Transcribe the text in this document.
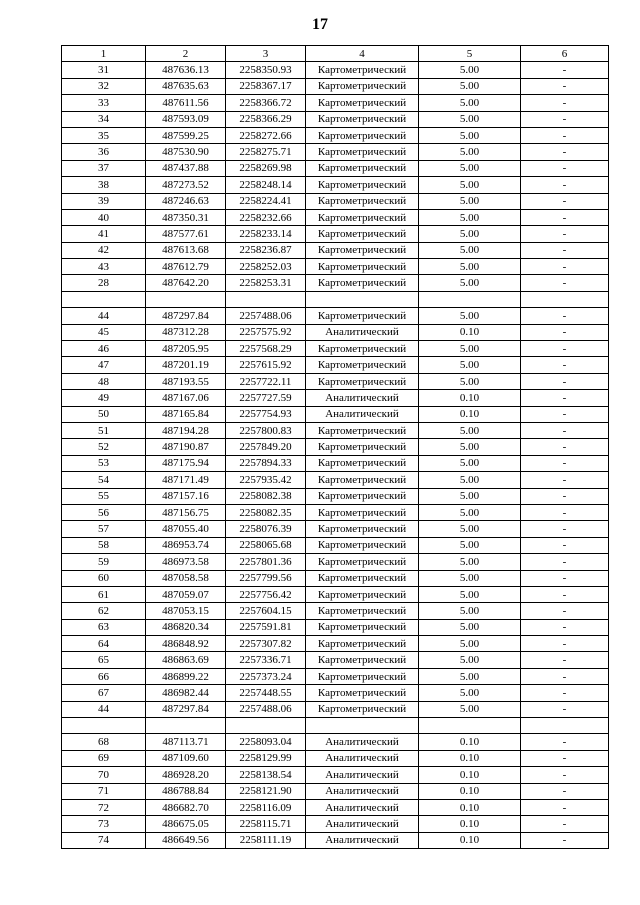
17
1	2	3	4	5	6
31	487636.13	2258350.93	Картометрический	5.00	-
32	487635.63	2258367.17	Картометрический	5.00	-
33	487611.56	2258366.72	Картометрический	5.00	-
34	487593.09	2258366.29	Картометрический	5.00	-
35	487599.25	2258272.66	Картометрический	5.00	-
36	487530.90	2258275.71	Картометрический	5.00	-
37	487437.88	2258269.98	Картометрический	5.00	-
38	487273.52	2258248.14	Картометрический	5.00	-
39	487246.63	2258224.41	Картометрический	5.00	-
40	487350.31	2258232.66	Картометрический	5.00	-
41	487577.61	2258233.14	Картометрический	5.00	-
42	487613.68	2258236.87	Картометрический	5.00	-
43	487612.79	2258252.03	Картометрический	5.00	-
28	487642.20	2258253.31	Картометрический	5.00	-

44	487297.84	2257488.06	Картометрический	5.00	-
45	487312.28	2257575.92	Аналитический	0.10	-
46	487205.95	2257568.29	Картометрический	5.00	-
47	487201.19	2257615.92	Картометрический	5.00	-
48	487193.55	2257722.11	Картометрический	5.00	-
49	487167.06	2257727.59	Аналитический	0.10	-
50	487165.84	2257754.93	Аналитический	0.10	-
51	487194.28	2257800.83	Картометрический	5.00	-
52	487190.87	2257849.20	Картометрический	5.00	-
53	487175.94	2257894.33	Картометрический	5.00	-
54	487171.49	2257935.42	Картометрический	5.00	-
55	487157.16	2258082.38	Картометрический	5.00	-
56	487156.75	2258082.35	Картометрический	5.00	-
57	487055.40	2258076.39	Картометрический	5.00	-
58	486953.74	2258065.68	Картометрический	5.00	-
59	486973.58	2257801.36	Картометрический	5.00	-
60	487058.58	2257799.56	Картометрический	5.00	-
61	487059.07	2257756.42	Картометрический	5.00	-
62	487053.15	2257604.15	Картометрический	5.00	-
63	486820.34	2257591.81	Картометрический	5.00	-
64	486848.92	2257307.82	Картометрический	5.00	-
65	486863.69	2257336.71	Картометрический	5.00	-
66	486899.22	2257373.24	Картометрический	5.00	-
67	486982.44	2257448.55	Картометрический	5.00	-
44	487297.84	2257488.06	Картометрический	5.00	-

68	487113.71	2258093.04	Аналитический	0.10	-
69	487109.60	2258129.99	Аналитический	0.10	-
70	486928.20	2258138.54	Аналитический	0.10	-
71	486788.84	2258121.90	Аналитический	0.10	-
72	486682.70	2258116.09	Аналитический	0.10	-
73	486675.05	2258115.71	Аналитический	0.10	-
74	486649.56	2258111.19	Аналитический	0.10	-
